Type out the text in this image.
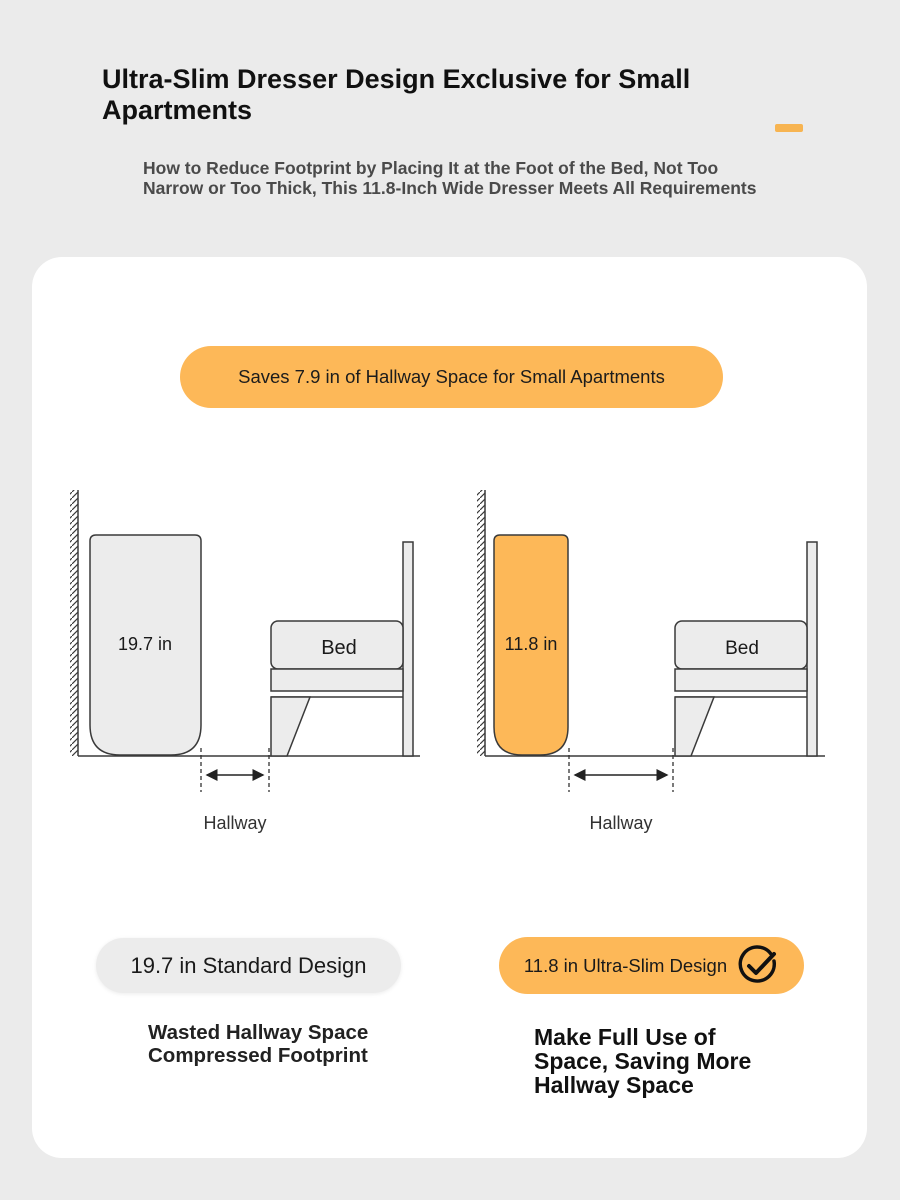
Ultra-Slim Dresser Design Exclusive for Small Apartments

How to Reduce Footprint by Placing It at the Foot of the Bed, Not Too Narrow or Too Thick, This 11.8-Inch Wide Dresser Meets All Requirements

Saves 7.9 in of Hallway Space for Small Apartments
19.7 in	Bed
Hallway
11.8 in	Bed
Hallway
19.7 in Standard Design	11.8 in Ultra-Slim Design

Wasted Hallway Space Compressed Footprint

Make Full Use of Space, Saving More Hallway Space
